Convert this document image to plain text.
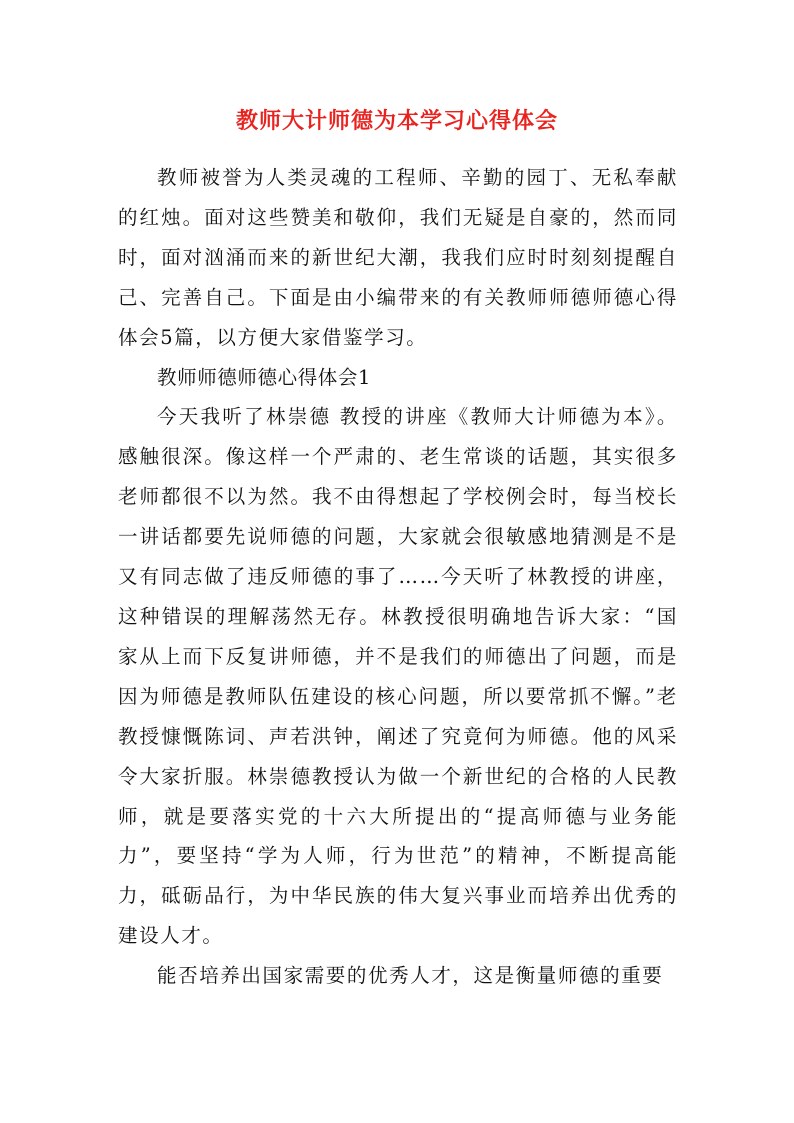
教师大计师德为本学习心得体会

教师被誉为人类灵魂的工程师、辛勤的园丁、无私奉献的红烛。面对这些赞美和敬仰，我们无疑是自豪的，然而同时，面对汹涌而来的新世纪大潮，我我们应时时刻刻提醒自己、完善自己。下面是由小编带来的有关教师师德师德心得体会5篇，以方便大家借鉴学习。

教师师德师德心得体会1

今天我听了林崇德 教授的讲座《教师大计师德为本》。感触很深。像这样一个严肃的、老生常谈的话题，其实很多老师都很不以为然。我不由得想起了学校例会时，每当校长一讲话都要先说师德的问题，大家就会很敏感地猜测是不是又有同志做了违反师德的事了……今天听了林教授的讲座，这种错误的理解荡然无存。林教授很明确地告诉大家：“国家从上而下反复讲师德，并不是我们的师德出了问题，而是因为师德是教师队伍建设的核心问题，所以要常抓不懈。”老教授慷慨陈词、声若洪钟，阐述了究竟何为师德。他的风采令大家折服。林崇德教授认为做一个新世纪的合格的人民教师，就是要落实党的十六大所提出的“提高师德与业务能力”，要坚持“学为人师，行为世范”的精神，不断提高能力，砥砺品行，为中华民族的伟大复兴事业而培养出优秀的建设人才。

能否培养出国家需要的优秀人才，这是衡量师德的重要
